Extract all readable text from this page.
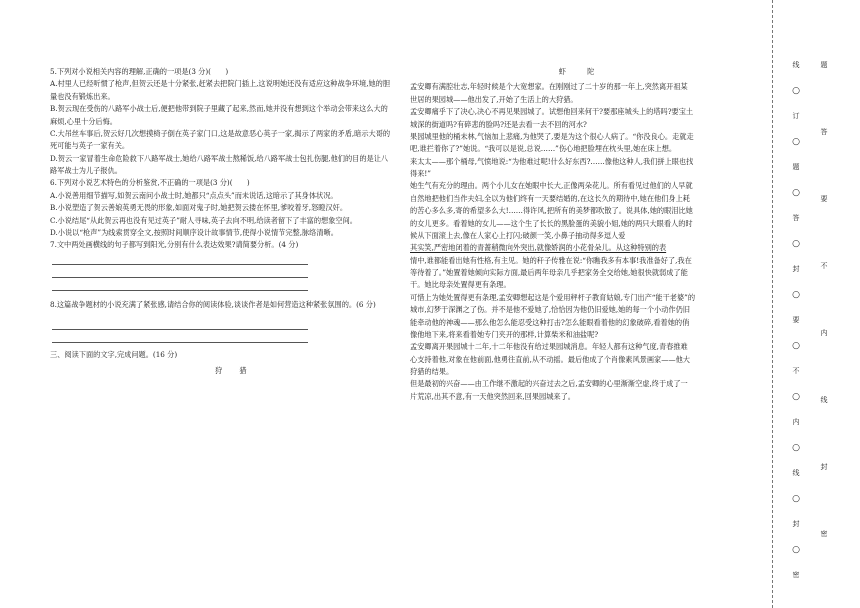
5.下列对小说相关内容的理解,正确的一项是(3 分)(　　)

A.村里人已经听惯了枪声,但贺云还是十分紧张,赶紧去把院门插上,这说明她还没有适应这种战争环境,她的胆量也没有锻炼出来。

B.贺云现在受伤的八路军小战士后,便把他带到院子里藏了起来,然而,她并没有想到这个举动会带来这么大的麻烦,心里十分后悔。

C.大吊丝车事后,贺云好几次想摸椅子倒在英子家门口,这是故意恶心英子一家,揭示了两家的矛盾,暗示大哥的死可能与英子一家有关。

D.贺云一家冒着生命危险救下八路军战士,她给八路军战士熬稀饭,给八路军战士包扎伤腿,他们的目的是让八路军战士为儿子报仇。

6.下列对小说艺术特色的分析鉴赏,不正确的一项是(3 分)(　　)

A.小说善用细节描写,如贺云南问小战士时,她都只“点点头”而未说话,这暗示了其身体状况。

B.小说塑造了贺云善娘英勇无畏的形象,如面对鬼子时,她把贺云搂在怀里,爹咬着牙,怒瞪汉奸。

C.小说结尾“从此贺云再也没有见过英子”耐人寻味,英子去向不明,给读者留下了丰富的想象空间。

D.小说以“枪声”为线索贯穿全文,按照时间顺序设计故事情节,使得小说情节完整,脉络清晰。

7.文中两处画横线的句子都写到阳光,分别有什么表达效果?请简要分析。(4 分)

8.这篇战争题材的小说充满了紧张感,请结合你的阅读体验,谈谈作者是如何营造这种紧张氛围的。(6 分)

三、阅读下面的文字,完成问题。(16 分)

狩　猎

虾　陀

孟安卿有满腔壮志,年轻时候是个大宽想家。在刚刚过了二十岁的那一年上,突然离开祖某

世居的果园城——他出发了,开始了生活上的大狩猎。

孟安卿痛乎下了决心,决心不再见果园城了。试想他回来何干?要那座城头上的塔吗?要宝土

城深的街道吗?有碎悲的脸吗?还是去看一去不回的河水?

果园城里他的桶未林,气恼加上悲痛,为他哭了,要是为这个很心人病了。“你没良心。走就走

吧,谁拦着你了?”她说。“我可以是说,总说……”伤心地把脸埋在枕头里,她在床上想。

来太太——那个桶母,气愤地说:“为他难过呢!什么好东西?……像他这种人,我们拼上眼也找

得来!”

她生气有充分的理由。两个小儿女在她眼中长大,正像两朵花儿。所有看见过他们的人早就

自然地把他们当作夫妇,全以为他们终有一天要结婚的,在这长久的期待中,她在他们身上耗

的苦心多么多,寄的希望多么大!……得许风,把所有的美梦都吹散了。说具体,她的眼泪比她

的女儿更多。看着她的女儿——这个生了长长的黑脸蛋的美貌小姐,她的两只大眼看人的时

候从下面滚上去,像在人家心上打闪;破颜一笑,小鼻子抽动得多逗人爱

其实笑,严密地闭着的青蔷稍微向外突出,就像娇润的小花骨朵儿。从这种特别的表

情中,谁都能看出她有性格,有主见。她的秆子传雅在说:“你瞧我多有本事!我准备好了,我在

等待着了。”她置着她倾向实际方面,最后两年母亲几乎把家务全交给她,她很快就弱成了能

干。她比母亲处置得更有条理。

可惜上为她处置得更有条理,孟安卿想起这是个爱用秤杆子教育姑娘,专门出产“能干老婆”的

城市,幻梦于深渊之了伤。并不是他不爱她了,恰恰因为他仍旧爱她,她的每一个小动作仍旧

能牵动他的神魂——那么他怎么能忍受这种打击?怎么能眼看着他的幻象破碎,看着她的俏

像他地下来,将来看着她专门夹开的那样,计算柴米和油盐呢?

孟安卿离开果园城十二年,十二年他没有给过果园城消息。年轻人都有这种气度,青春推难

心支持着他,对象在他前面,他勇往直前,从不动摇。最后他成了个肖像素风景画家——他大

狩猎的结果。

但是最初的兴奋——由工作继不激起的兴奋过去之后,孟安卿的心里渐渐空虚,终于成了一

片荒凉,出其不意,有一天他突然回来,回果园城来了。

线
○
订
○
题
○
答
○
封
○
要
○
不
○
内
○
线
○
封
○
密
题
答
要
不
内
线
封
密
